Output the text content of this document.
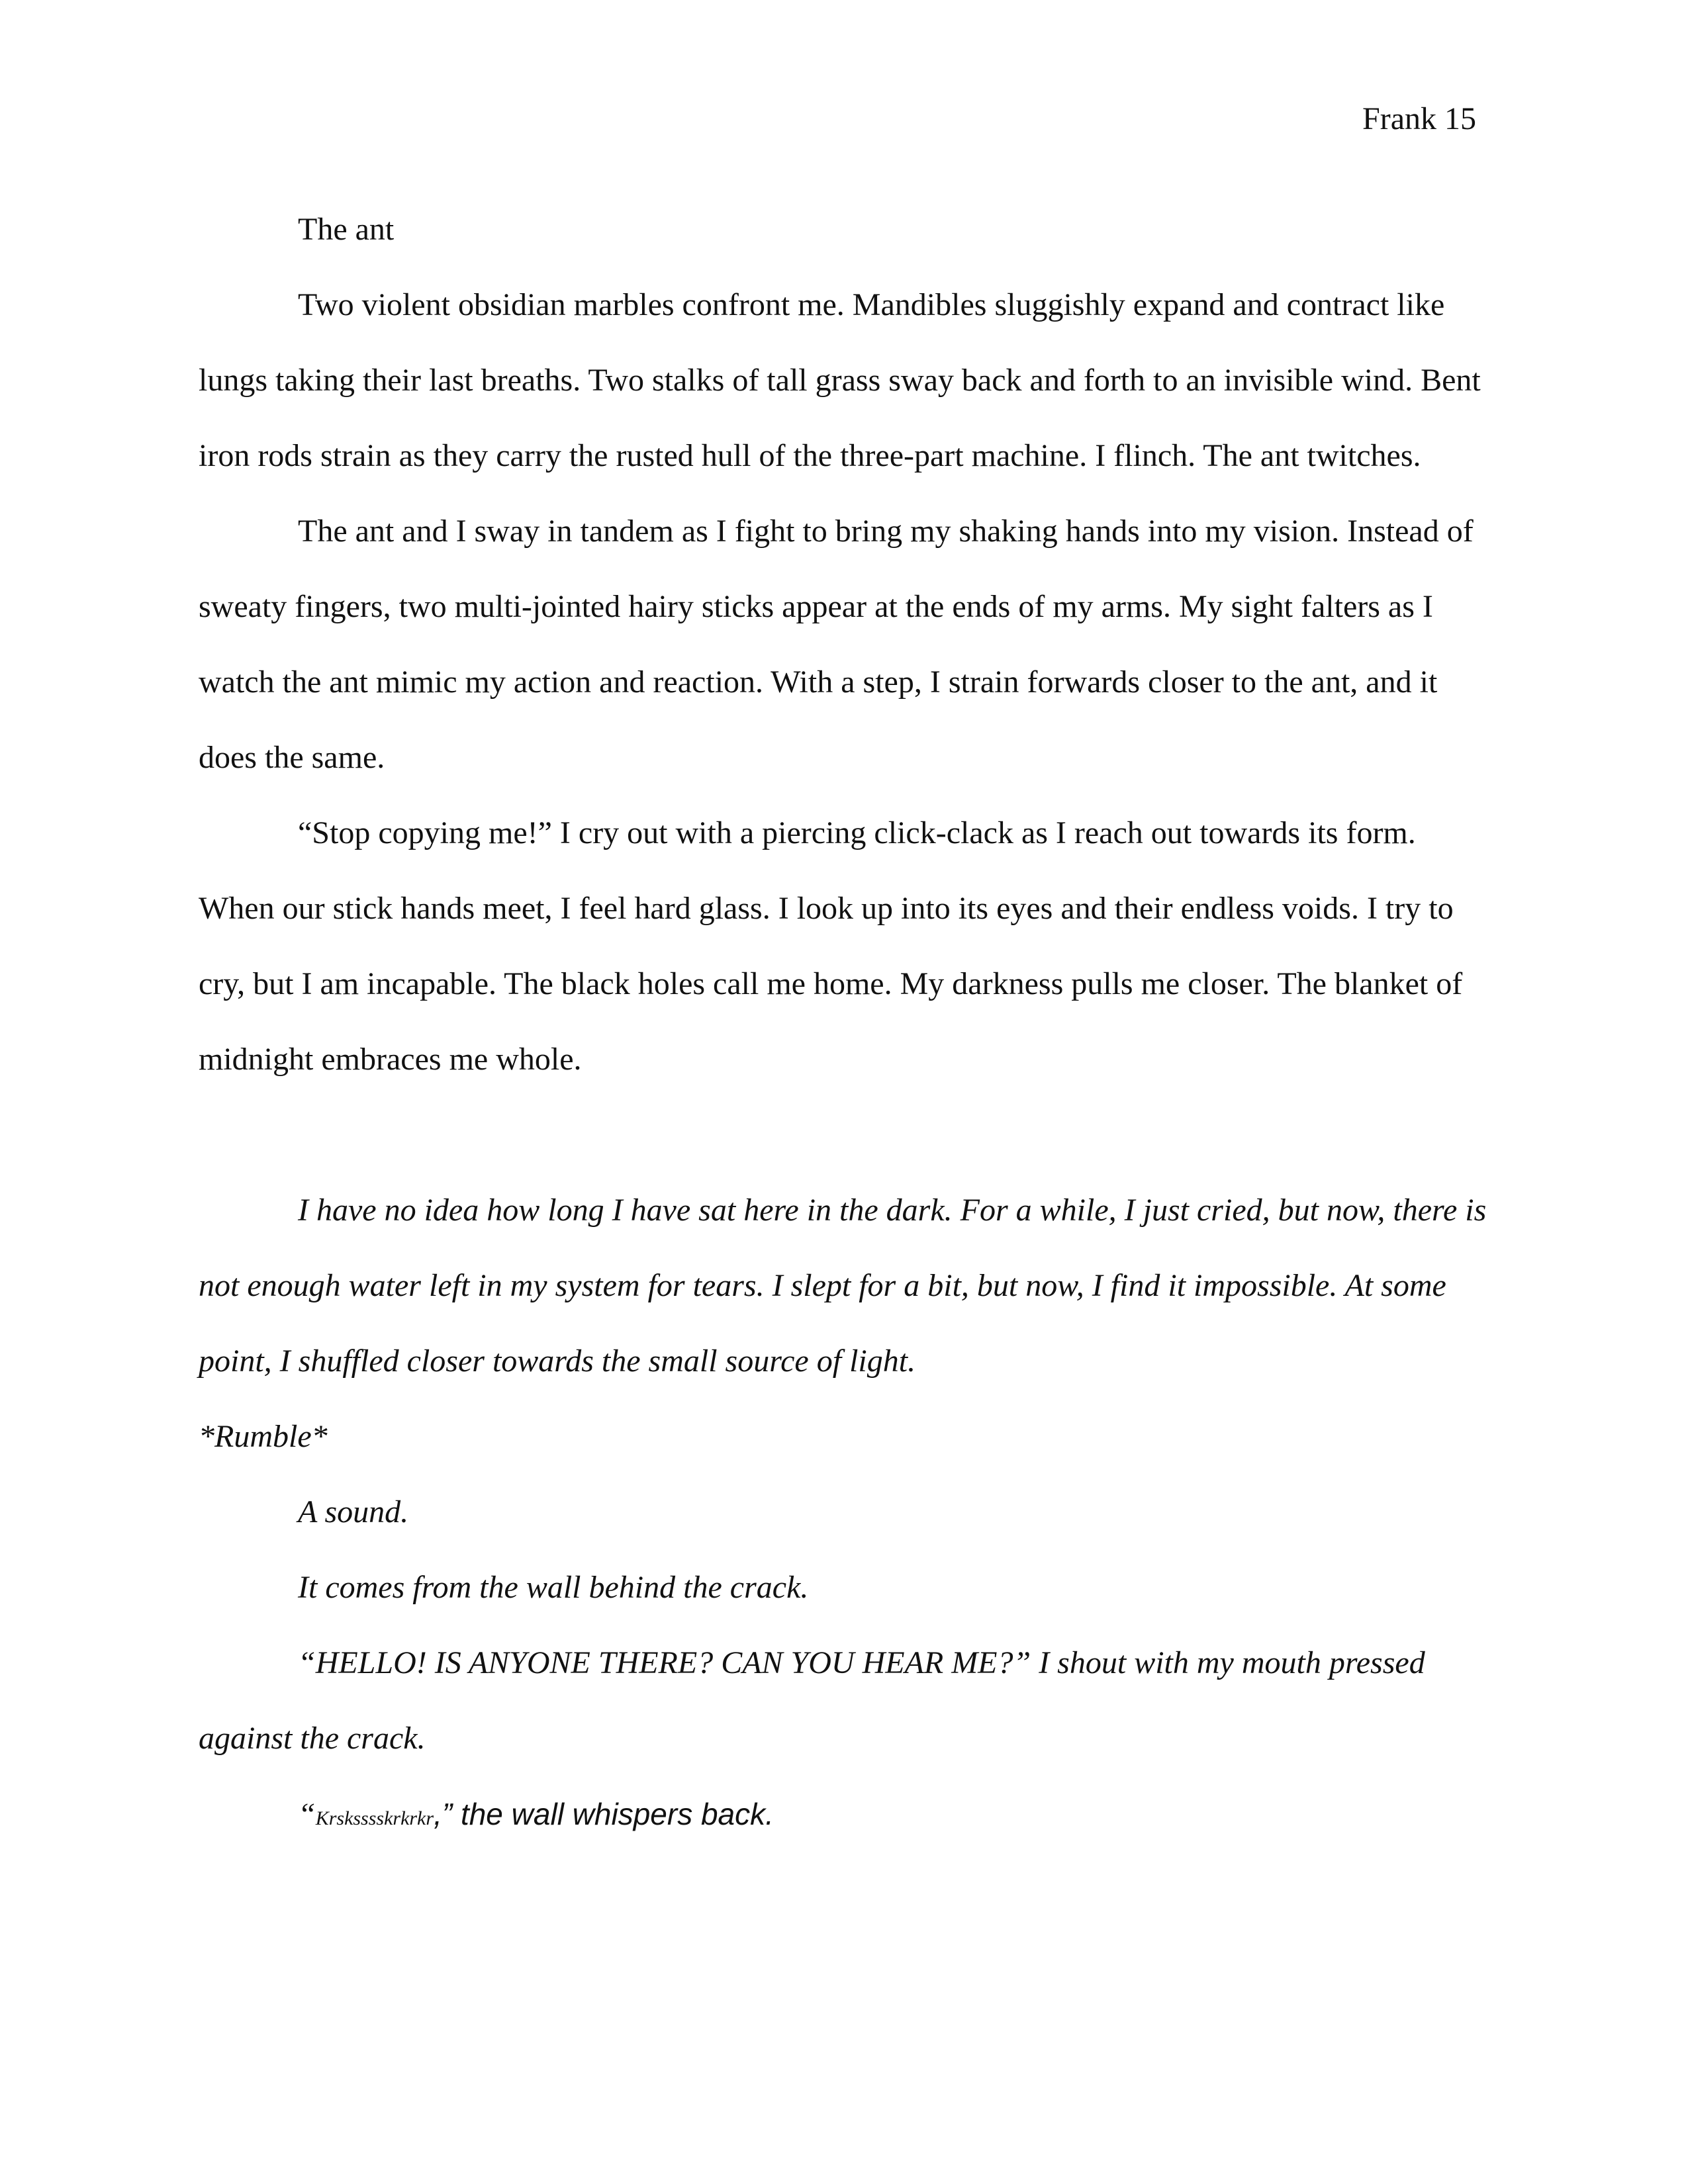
Frank 15

The ant

Two violent obsidian marbles confront me. Mandibles sluggishly expand and contract like lungs taking their last breaths. Two stalks of tall grass sway back and forth to an invisible wind. Bent iron rods strain as they carry the rusted hull of the three-part machine. I flinch. The ant twitches.

The ant and I sway in tandem as I fight to bring my shaking hands into my vision. Instead of sweaty fingers, two multi-jointed hairy sticks appear at the ends of my arms. My sight falters as I watch the ant mimic my action and reaction. With a step, I strain forwards closer to the ant, and it does the same.

“Stop copying me!” I cry out with a piercing click-clack as I reach out towards its form.

When our stick hands meet, I feel hard glass. I look up into its eyes and their endless voids. I try to cry, but I am incapable. The black holes call me home. My darkness pulls me closer. The blanket of midnight embraces me whole.

I have no idea how long I have sat here in the dark. For a while, I just cried, but now, there is not enough water left in my system for tears. I slept for a bit, but now, I find it impossible. At some point, I shuffled closer towards the small source of light.

*Rumble*

A sound.

It comes from the wall behind the crack.

“HELLO! IS ANYONE THERE? CAN YOU HEAR ME?” I shout with my mouth pressed against the crack.

“Krsksssskrkrkr,” the wall whispers back.
